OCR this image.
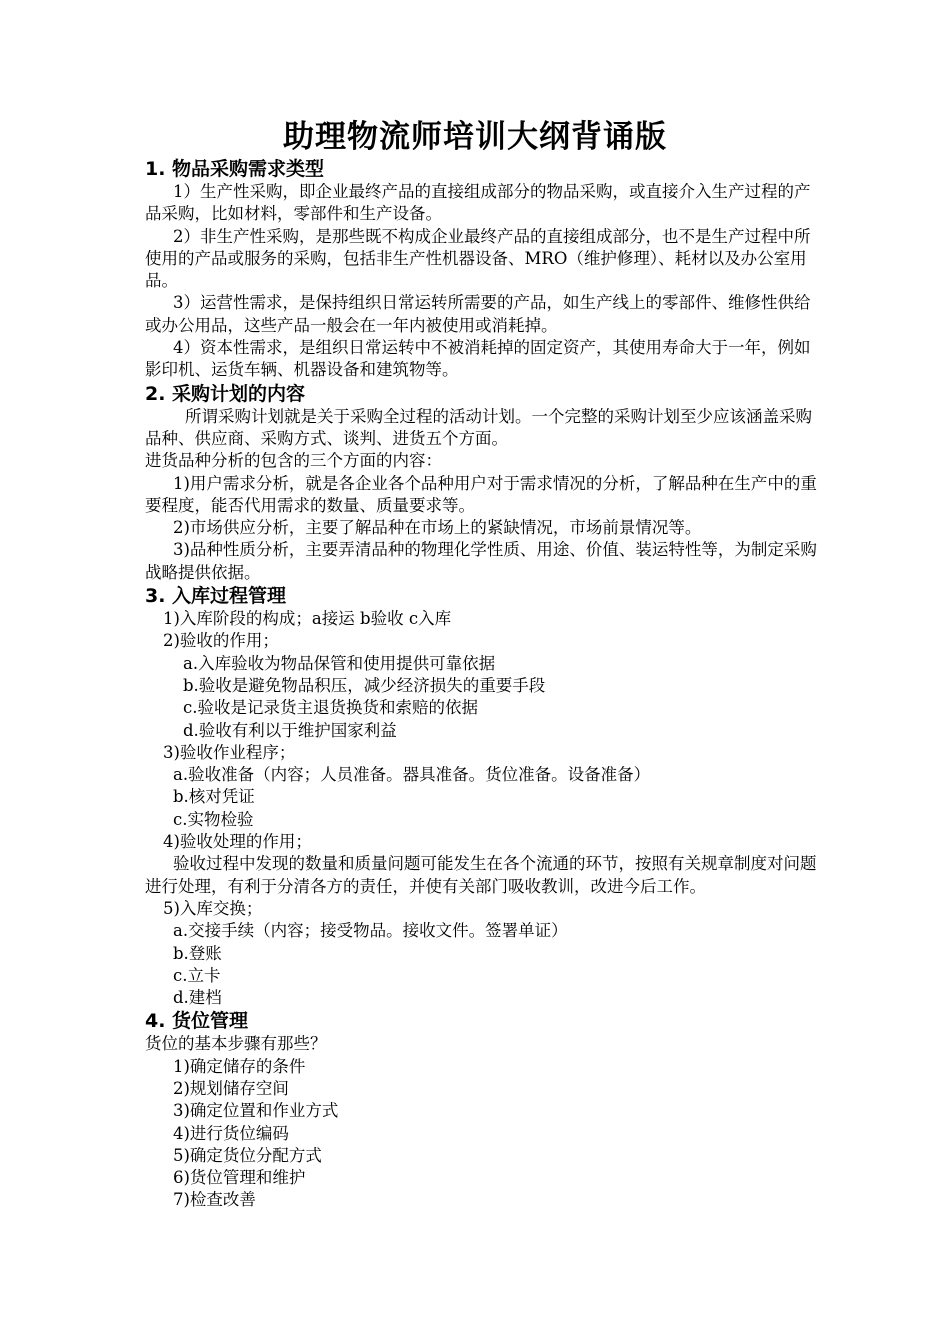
助理物流师培训大纲背诵版
1. 物品采购需求类型

1）生产性采购，即企业最终产品的直接组成部分的物品采购，或直接介入生产过程的产品采购，比如材料，零部件和生产设备。

2）非生产性采购，是那些既不构成企业最终产品的直接组成部分，也不是生产过程中所使用的产品或服务的采购，包括非生产性机器设备、MRO（维护修理）、耗材以及办公室用品。

3）运营性需求，是保持组织日常运转所需要的产品，如生产线上的零部件、维修性供给或办公用品，这些产品一般会在一年内被使用或消耗掉。

4）资本性需求，是组织日常运转中不被消耗掉的固定资产，其使用寿命大于一年，例如影印机、运货车辆、机器设备和建筑物等。

2. 采购计划的内容

所谓采购计划就是关于采购全过程的活动计划。一个完整的采购计划至少应该涵盖采购品种、供应商、采购方式、谈判、进货五个方面。

进货品种分析的包含的三个方面的内容：

1)用户需求分析，就是各企业各个品种用户对于需求情况的分析，了解品种在生产中的重要程度，能否代用需求的数量、质量要求等。

2)市场供应分析，主要了解品种在市场上的紧缺情况，市场前景情况等。

3)品种性质分析，主要弄清品种的物理化学性质、用途、价值、装运特性等，为制定采购战略提供依据。

3. 入库过程管理

1)入库阶段的构成；a接运 b验收 c入库

2)验收的作用；

a.入库验收为物品保管和使用提供可靠依据

b.验收是避免物品积压，减少经济损失的重要手段

c.验收是记录货主退货换货和索赔的依据

d.验收有利以于维护国家利益

3)验收作业程序；

a.验收准备（内容；人员准备。器具准备。货位准备。设备准备）

b.核对凭证

c.实物检验

4)验收处理的作用；

验收过程中发现的数量和质量问题可能发生在各个流通的环节，按照有关规章制度对问题进行处理，有利于分清各方的责任，并使有关部门吸收教训，改进今后工作。

5)入库交换；

a.交接手续（内容；接受物品。接收文件。签署单证）

b.登账

c.立卡

d.建档

4. 货位管理

货位的基本步骤有那些？

1)确定储存的条件

2)规划储存空间

3)确定位置和作业方式

4)进行货位编码

5)确定货位分配方式

6)货位管理和维护

7)检查改善
